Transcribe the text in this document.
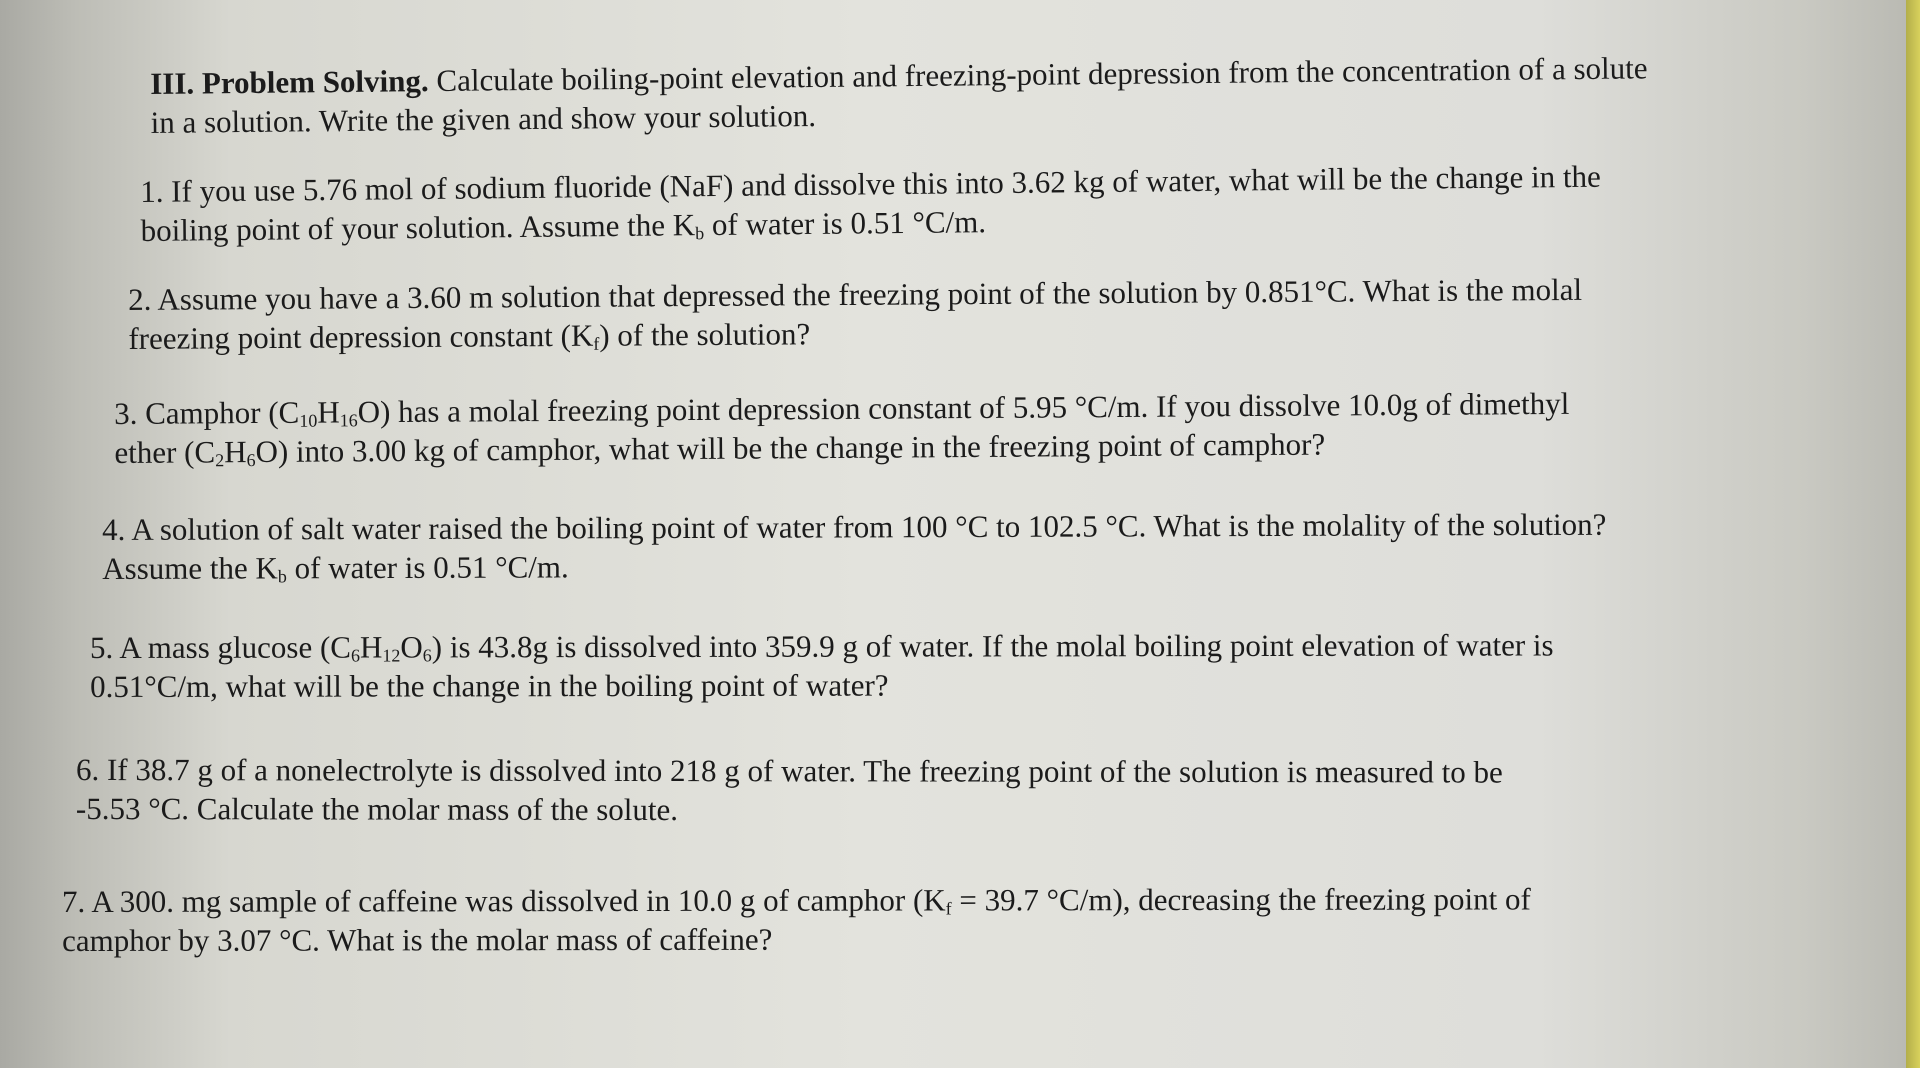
III. Problem Solving. Calculate boiling-point elevation and freezing-point depression from the concentration of a solute
in a solution. Write the given and show your solution.
1. If you use 5.76 mol of sodium fluoride (NaF) and dissolve this into 3.62 kg of water, what will be the change in the
boiling point of your solution. Assume the $K_b$ of water is 0.51 °C/m.
2. Assume you have a 3.60 m solution that depressed the freezing point of the solution by 0.851°C. What is the molal
freezing point depression constant $(K_f)$ of the solution?
3. Camphor $(C_{10}H_{16}O)$ has a molal freezing point depression constant of 5.95 °C/m. If you dissolve 10.0g of dimethyl
ether $(C_2H_6O)$ into 3.00 kg of camphor, what will be the change in the freezing point of camphor?
4. A solution of salt water raised the boiling point of water from 100 °C to 102.5 °C. What is the molality of the solution?
Assume the $K_b$ of water is 0.51 °C/m.
5. A mass glucose $(C_6H_{12}O_6)$ is 43.8g is dissolved into 359.9 g of water. If the molal boiling point elevation of water is
0.51°C/m, what will be the change in the boiling point of water?
6. If 38.7 g of a nonelectrolyte is dissolved into 218 g of water. The freezing point of the solution is measured to be
-5.53 °C. Calculate the molar mass of the solute.
7. A 300. mg sample of caffeine was dissolved in 10.0 g of camphor ($K_f = 39.7$ °C/m), decreasing the freezing point of
camphor by 3.07 °C. What is the molar mass of caffeine?
